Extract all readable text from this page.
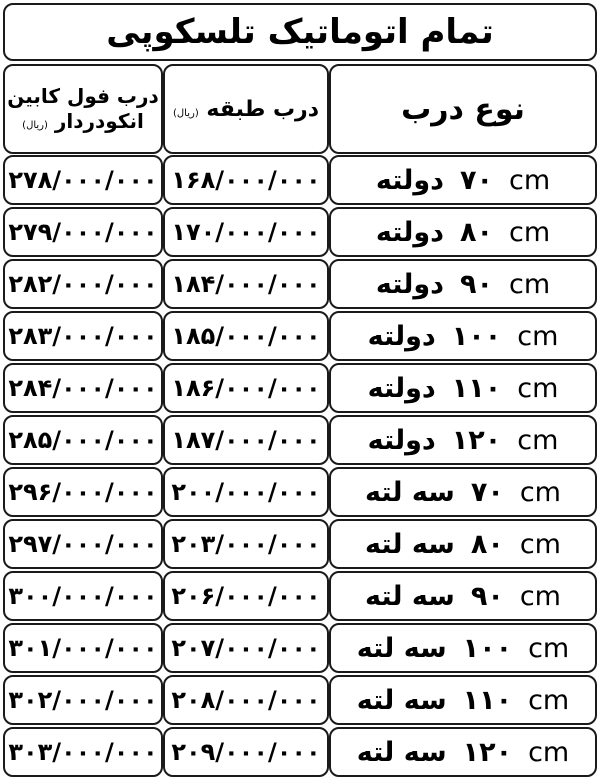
تمام اتوماتیک تلسکوپی
نوع درب
درب طبقه (ریال)
درب فول کابین
انکودردار (ریال)
دولته ۷۰ cm
۱۶۸/۰۰۰/۰۰۰
۲۷۸/۰۰۰/۰۰۰
دولته ۸۰ cm
۱۷۰/۰۰۰/۰۰۰
۲۷۹/۰۰۰/۰۰۰
دولته ۹۰ cm
۱۸۴/۰۰۰/۰۰۰
۲۸۲/۰۰۰/۰۰۰
دولته ۱۰۰ cm
۱۸۵/۰۰۰/۰۰۰
۲۸۳/۰۰۰/۰۰۰
دولته ۱۱۰ cm
۱۸۶/۰۰۰/۰۰۰
۲۸۴/۰۰۰/۰۰۰
دولته ۱۲۰ cm
۱۸۷/۰۰۰/۰۰۰
۲۸۵/۰۰۰/۰۰۰
سه لته ۷۰ cm
۲۰۰/۰۰۰/۰۰۰
۲۹۶/۰۰۰/۰۰۰
سه لته ۸۰ cm
۲۰۳/۰۰۰/۰۰۰
۲۹۷/۰۰۰/۰۰۰
سه لته ۹۰ cm
۲۰۶/۰۰۰/۰۰۰
۳۰۰/۰۰۰/۰۰۰
سه لته ۱۰۰ cm
۲۰۷/۰۰۰/۰۰۰
۳۰۱/۰۰۰/۰۰۰
سه لته ۱۱۰ cm
۲۰۸/۰۰۰/۰۰۰
۳۰۲/۰۰۰/۰۰۰
سه لته ۱۲۰ cm
۲۰۹/۰۰۰/۰۰۰
۳۰۳/۰۰۰/۰۰۰
